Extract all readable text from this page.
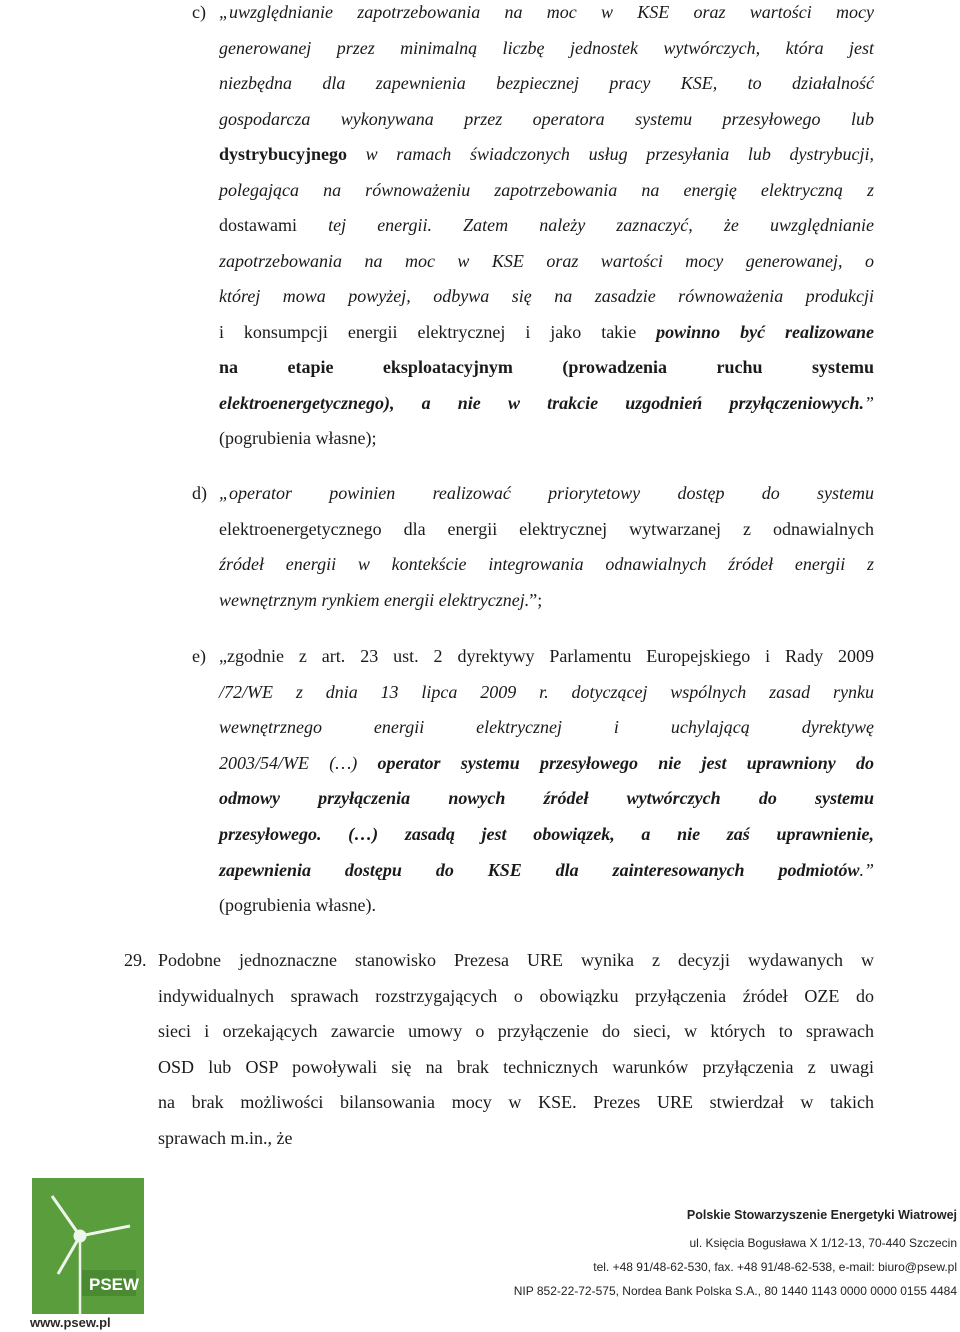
c) „uwzględnianie zapotrzebowania na moc w KSE oraz wartości mocy
generowanej przez minimalną liczbę jednostek wytwórczych, która jest
niezbędna dla zapewnienia bezpiecznej pracy KSE, to działalność
gospodarcza wykonywana przez operatora systemu przesyłowego lub
dystrybucyjnego w ramach świadczonych usług przesyłania lub dystrybucji,
polegająca na równoważeniu zapotrzebowania na energię elektryczną z
dostawami tej energii. Zatem należy zaznaczyć, że uwzględnianie
zapotrzebowania na moc w KSE oraz wartości mocy generowanej, o
której mowa powyżej, odbywa się na zasadzie równoważenia produkcji
i konsumpcji energii elektrycznej i jako takie powinno być realizowane
na etapie eksploatacyjnym (prowadzenia ruchu systemu
elektroenergetycznego), a nie w trakcie uzgodnień przyłączeniowych.”
(pogrubienia własne);
d) „operator powinien realizować priorytetowy dostęp do systemu
elektroenergetycznego dla energii elektrycznej wytwarzanej z odnawialnych
źródeł energii w kontekście integrowania odnawialnych źródeł energii z
wewnętrznym rynkiem energii elektrycznej.”;
e) „zgodnie z art. 23 ust. 2 dyrektywy Parlamentu Europejskiego i Rady 2009
/72/WE z dnia 13 lipca 2009 r. dotyczącej wspólnych zasad rynku
wewnętrznego energii elektrycznej i uchylającą dyrektywę
2003/54/WE (…) operator systemu przesyłowego nie jest uprawniony do
odmowy przyłączenia nowych źródeł wytwórczych do systemu
przesyłowego. (…) zasadą jest obowiązek, a nie zaś uprawnienie,
zapewnienia dostępu do KSE dla zainteresowanych podmiotów.”
(pogrubienia własne).
29. Podobne jednoznaczne stanowisko Prezesa URE wynika z decyzji wydawanych w
indywidualnych sprawach rozstrzygających o obowiązku przyłączenia źródeł OZE do
sieci i orzekających zawarcie umowy o przyłączenie do sieci, w których to sprawach
OSD lub OSP powoływali się na brak technicznych warunków przyłączenia z uwagi
na brak możliwości bilansowania mocy w KSE. Prezes URE stwierdzał w takich
sprawach m.in., że
PSEW
www.psew.pl
Polskie Stowarzyszenie Energetyki Wiatrowej
ul. Księcia Bogusława X 1/12-13, 70-440 Szczecin
tel. +48 91/48-62-530, fax. +48 91/48-62-538, e-mail: biuro@psew.pl
NIP 852-22-72-575, Nordea Bank Polska S.A., 80 1440 1143 0000 0000 0155 4484
